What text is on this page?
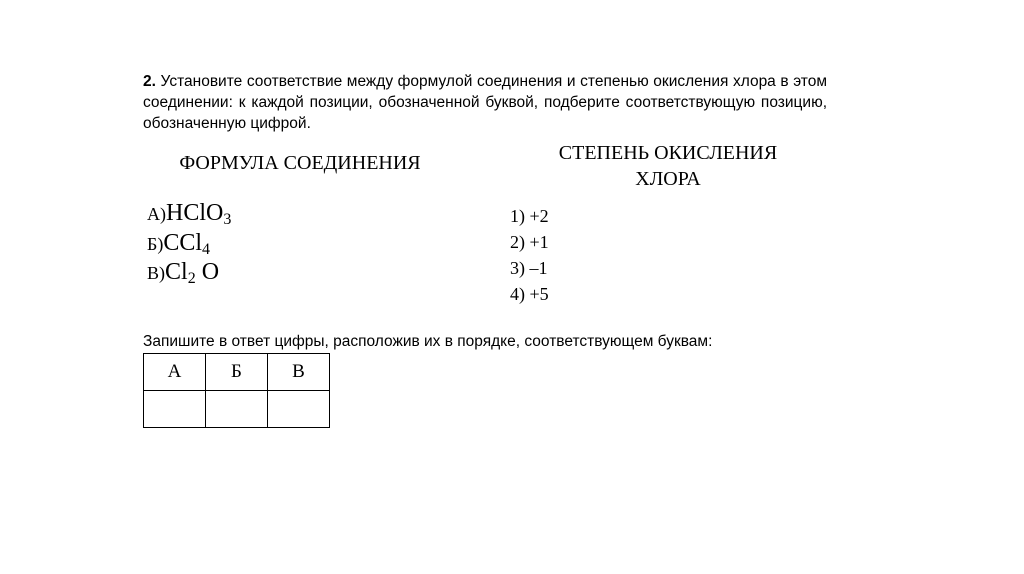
2. Установите соответствие между формулой соединения и степенью окисления хлора в этом соединении: к каждой позиции, обозначенной буквой, подберите соответствующую позицию, обозначенную цифрой.
ФОРМУЛА СОЕДИНЕНИЯ	СТЕПЕНЬ ОКИСЛЕНИЯ
ХЛОРА
А)HClO$_3$
Б)CCl$_4$
$В)Cl_2$ O
1) +2
2) +1
3) –1
4) +5
Запишите в ответ цифры, расположив их в порядке, соответствующем буквам:
А	Б	В
